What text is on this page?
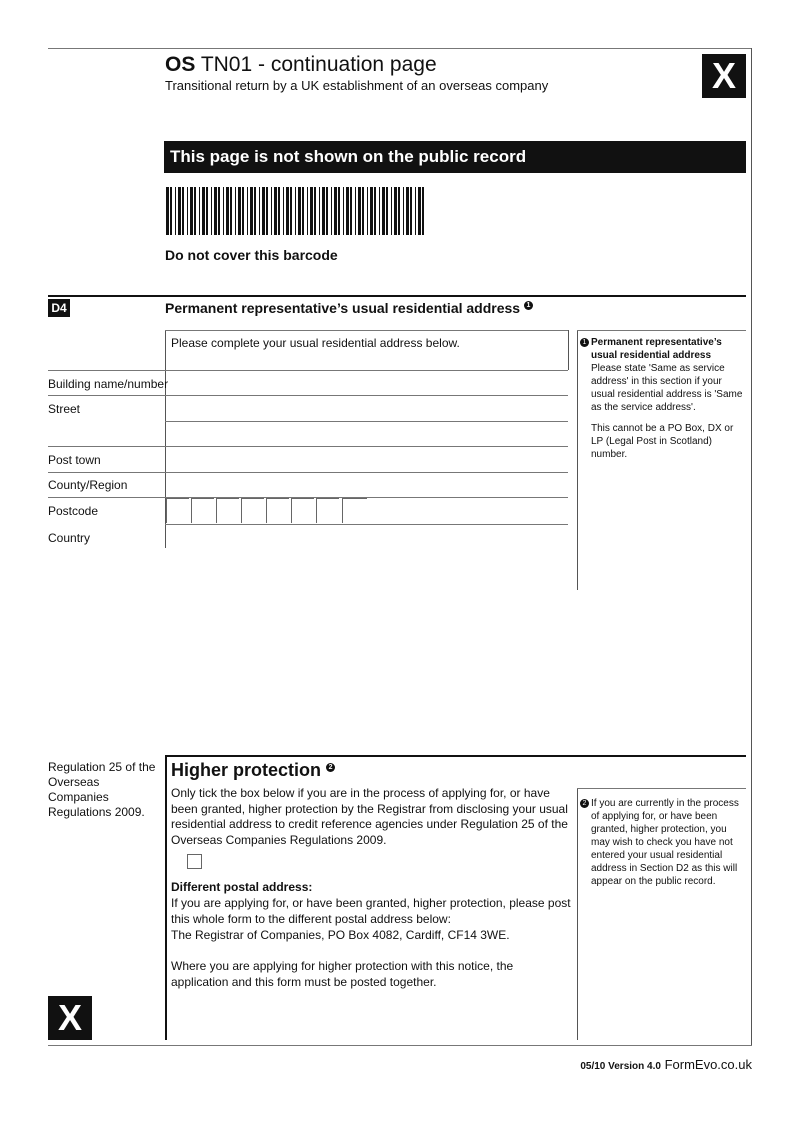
OS TN01 - continuation page
Transitional return by a UK establishment of an overseas company	X
This page is not shown on the public record
Do not cover this barcode
D4	Permanent representative’s usual residential address 1
Please complete your usual residential address below.
Building name/number
Street
Post town
County/Region
Postcode
Country
1 Permanent representative’s usual residential address
Please state 'Same as service address' in this section if your usual residential address is 'Same as the service address'.
This cannot be a PO Box, DX or LP (Legal Post in Scotland) number.
Regulation 25 of the Overseas Companies Regulations 2009.
Higher protection 2
Only tick the box below if you are in the process of applying for, or have been granted, higher protection by the Registrar from disclosing your usual residential address to credit reference agencies under Regulation 25 of the Overseas Companies Regulations 2009.
Different postal address:
If you are applying for, or have been granted, higher protection, please post this whole form to the different postal address below:
The Registrar of Companies, PO Box 4082, Cardiff, CF14 3WE.
Where you are applying for higher protection with this notice, the application and this form must be posted together.
2 If you are currently in the process of applying for, or have been granted, higher protection, you may wish to check you have not entered your usual residential address in Section D2 as this will appear on the public record.
X
05/10 Version 4.0 FormEvo.co.uk
